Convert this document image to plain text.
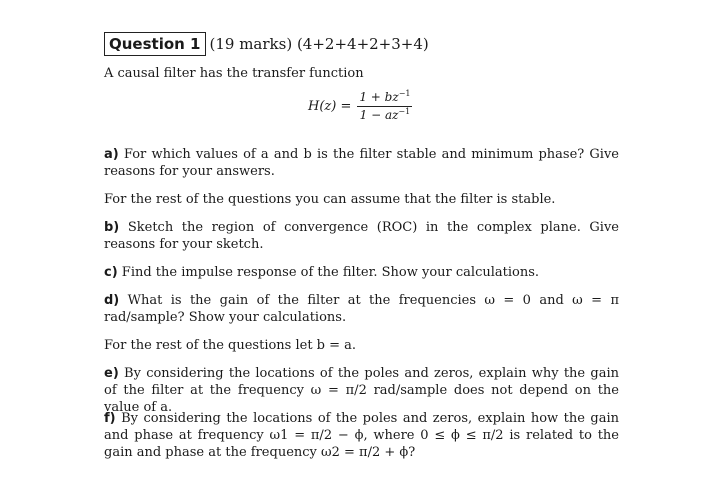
Question 1 (19 marks) (4+2+4+2+3+4)
A causal filter has the transfer function
$H(z) = \frac{1 + bz^{-1}}{1 - az^{-1}}$
a) For which values of a and b is the filter stable and minimum phase? Give reasons for your answers.
For the rest of the questions you can assume that the filter is stable.
b) Sketch the region of convergence (ROC) in the complex plane. Give reasons for your sketch.
c) Find the impulse response of the filter. Show your calculations.
d) What is the gain of the filter at the frequencies ω = 0 and ω = π rad/sample? Show your calculations.
For the rest of the questions let b = a.
e) By considering the locations of the poles and zeros, explain why the gain of the filter at the frequency ω = π/2 rad/sample does not depend on the value of a.
f) By considering the locations of the poles and zeros, explain how the gain and phase at frequency ω1 = π/2 − ϕ, where 0 ≤ ϕ ≤ π/2 is related to the gain and phase at the frequency ω2 = π/2 + ϕ?
